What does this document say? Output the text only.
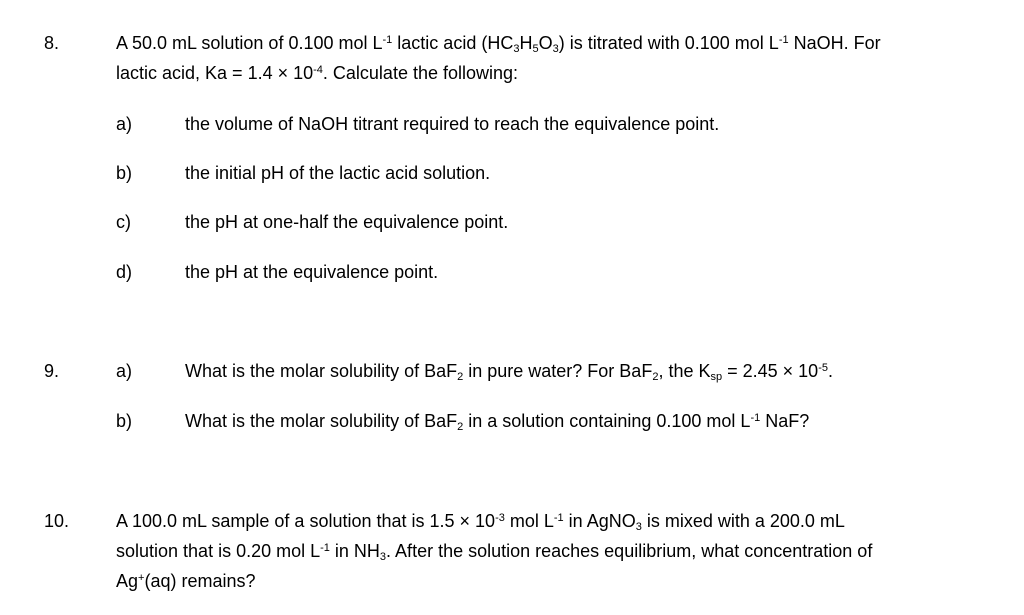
8.	A 50.0 mL solution of 0.100 mol $L^{-1}$ lactic acid $(HC_3H_5O_3)$ is titrated with 0.100 mol $L^{-1}$ NaOH. For
lactic acid, $Ka = 1.4 \times 10^{-4}$. Calculate the following:
a)	the volume of NaOH titrant required to reach the equivalence point.
b)	the initial pH of the lactic acid solution.
c)	the pH at one-half the equivalence point.
d)	the pH at the equivalence point.
9.	a)	What is the molar solubility of BaF$_2$ in pure water? For BaF$_2$, the $K_{sp} = 2.45 \times 10^{-5}$.
b)	What is the molar solubility of BaF$_2$ in a solution containing 0.100 mol $L^{-1}$ NaF?
10.	A 100.0 mL sample of a solution that is $1.5 \times 10^{-3}$ mol $L^{-1}$ in AgNO$_3$ is mixed with a 200.0 mL
solution that is 0.20 mol $L^{-1}$ in $NH_3$. After the solution reaches equilibrium, what concentration of
Ag+(aq) remains?
